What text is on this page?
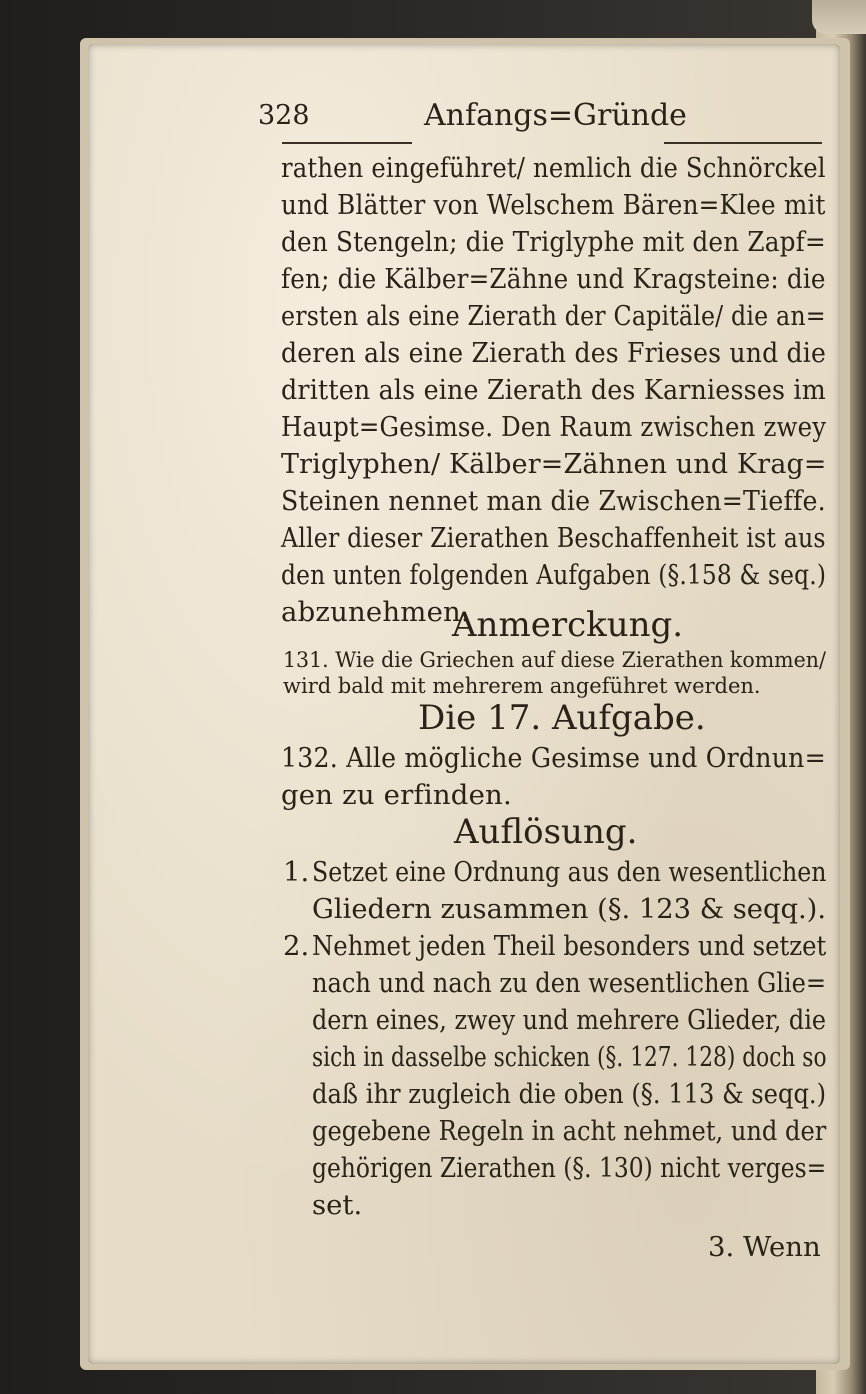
328	Anfangs=Gründe
rathen eingeführet/ nemlich die Schnörckel
und Blätter von Welschem Bären=Klee mit
den Stengeln; die Triglyphe mit den Zapf=
fen; die Kälber=Zähne und Kragsteine: die
ersten als eine Zierath der Capitäle/ die an=
deren als eine Zierath des Frieses und die
dritten als eine Zierath des Karniesses im
Haupt=Gesimse. Den Raum zwischen zwey
Triglyphen/ Kälber=Zähnen und Krag=
Steinen nennet man die Zwischen=Tieffe.
Aller dieser Zierathen Beschaffenheit ist aus
den unten folgenden Aufgaben (§.158 & seq.)
abzunehmen.
Anmerckung.
131. Wie die Griechen auf diese Zierathen kommen/
wird bald mit mehrerem angeführet werden.
Die 17. Aufgabe.
132. Alle mögliche Gesimse und Ordnun=
gen zu erfinden.
Auflösung.
1. Setzet eine Ordnung aus den wesentlichen
Gliedern zusammen (§. 123 & seqq.).
2. Nehmet jeden Theil besonders und setzet
nach und nach zu den wesentlichen Glie=
dern eines, zwey und mehrere Glieder, die
sich in dasselbe schicken (§. 127. 128) doch so
daß ihr zugleich die oben (§. 113 & seqq.)
gegebene Regeln in acht nehmet, und der
gehörigen Zierathen (§. 130) nicht verges=
set.
3. Wenn
